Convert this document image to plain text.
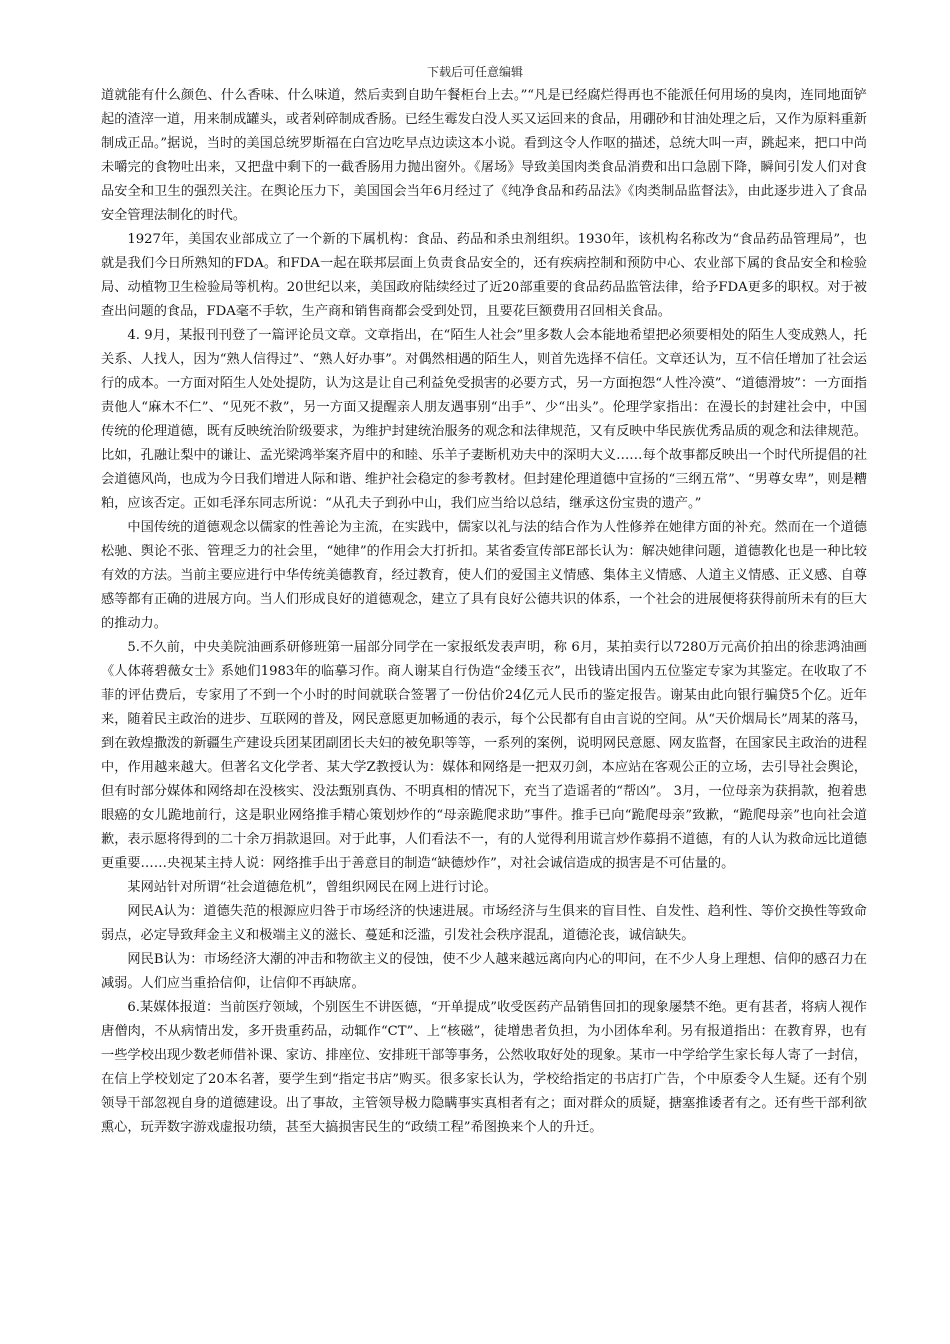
下载后可任意编辑

道就能有什么颜色、什么香味、什么味道，然后卖到自助午餐柜台上去。”“凡是已经腐烂得再也不能派任何用场的臭肉，连同地面铲起的渣滓一道，用来制成罐头，或者剁碎制成香肠。已经生霉发白没人买又运回来的食品，用硼砂和甘油处理之后，又作为原料重新制成正品。”据说，当时的美国总统罗斯福在白宫边吃早点边读这本小说。看到这令人作呕的描述，总统大叫一声，跳起来，把口中尚未嚼完的食物吐出来，又把盘中剩下的一截香肠用力抛出窗外。《屠场》导致美国肉类食品消费和出口急剧下降，瞬间引发人们对食品安全和卫生的强烈关注。在舆论压力下，美国国会当年6月经过了《纯净食品和药品法》《肉类制品监督法》，由此逐步进入了食品安全管理法制化的时代。

1927年，美国农业部成立了一个新的下属机构：食品、药品和杀虫剂组织。1930年，该机构名称改为“食品药品管理局”，也就是我们今日所熟知的FDA。和FDA一起在联邦层面上负责食品安全的，还有疾病控制和预防中心、农业部下属的食品安全和检验局、动植物卫生检验局等机构。20世纪以来，美国政府陆续经过了近20部重要的食品药品监管法律，给予FDA更多的职权。对于被查出问题的食品，FDA毫不手软，生产商和销售商都会受到处罚，且要花巨额费用召回相关食品。

4. 9月，某报刊刊登了一篇评论员文章。文章指出，在“陌生人社会”里多数人会本能地希望把必须要相处的陌生人变成熟人，托关系、人找人，因为“熟人信得过”、“熟人好办事”。对偶然相遇的陌生人，则首先选择不信任。文章还认为，互不信任增加了社会运行的成本。一方面对陌生人处处提防，认为这是让自己利益免受损害的必要方式，另一方面抱怨“人性冷漠”、“道德滑坡”：一方面指责他人“麻木不仁”、“见死不救”，另一方面又提醒亲人朋友遇事别“出手”、少“出头”。伦理学家指出：在漫长的封建社会中，中国传统的伦理道德，既有反映统治阶级要求，为维护封建统治服务的观念和法律规范，又有反映中华民族优秀品质的观念和法律规范。比如，孔融让梨中的谦让、孟光梁鸿举案齐眉中的和睦、乐羊子妻断机劝夫中的深明大义……每个故事都反映出一个时代所提倡的社会道德风尚，也成为今日我们增进人际和谐、维护社会稳定的参考教材。但封建伦理道德中宣扬的“三纲五常”、“男尊女卑”，则是糟粕，应该否定。正如毛泽东同志所说：“从孔夫子到孙中山，我们应当给以总结，继承这份宝贵的遗产。”

中国传统的道德观念以儒家的性善论为主流，在实践中，儒家以礼与法的结合作为人性修养在她律方面的补充。然而在一个道德松驰、舆论不张、管理乏力的社会里，“她律”的作用会大打折扣。某省委宣传部E部长认为：解决她律问题，道德教化也是一种比较有效的方法。当前主要应进行中华传统美德教育，经过教育，使人们的爱国主义情感、集体主义情感、人道主义情感、正义感、自尊感等都有正确的进展方向。当人们形成良好的道德观念，建立了具有良好公德共识的体系，一个社会的进展便将获得前所未有的巨大的推动力。

5.不久前，中央美院油画系研修班第一届部分同学在一家报纸发表声明，称 6月，某拍卖行以7280万元高价拍出的徐悲鸿油画《人体蒋碧薇女士》系她们1983年的临摹习作。商人谢某自行伪造“金缕玉衣”，出钱请出国内五位鉴定专家为其鉴定。在收取了不菲的评估费后，专家用了不到一个小时的时间就联合签署了一份估价24亿元人民币的鉴定报告。谢某由此向银行骗贷5个亿。近年来，随着民主政治的进步、互联网的普及，网民意愿更加畅通的表示，每个公民都有自由言说的空间。从“天价烟局长”周某的落马，到在敦煌撒泼的新疆生产建设兵团某团副团长夫妇的被免职等等，一系列的案例，说明网民意愿、网友监督，在国家民主政治的进程中，作用越来越大。但著名文化学者、某大学Z教授认为：媒体和网络是一把双刃剑，本应站在客观公正的立场，去引导社会舆论，但有时部分媒体和网络却在没核实、没法甄别真伪、不明真相的情况下，充当了造谣者的“帮凶”。 3月，一位母亲为获捐款，抱着患眼癌的女儿跪地前行，这是职业网络推手精心策划炒作的“母亲跪爬求助”事件。推手已向“跪爬母亲”致歉，“跪爬母亲”也向社会道歉，表示愿将得到的二十余万捐款退回。对于此事，人们看法不一，有的人觉得利用谎言炒作募捐不道德，有的人认为救命远比道德更重要……央视某主持人说：网络推手出于善意目的制造“缺德炒作”，对社会诚信造成的损害是不可估量的。

某网站针对所谓“社会道德危机”，曾组织网民在网上进行讨论。

网民A认为：道德失范的根源应归咎于市场经济的快速进展。市场经济与生俱来的盲目性、自发性、趋利性、等价交换性等致命弱点，必定导致拜金主义和极端主义的滋长、蔓延和泛滥，引发社会秩序混乱，道德沦丧，诚信缺失。

网民B认为：市场经济大潮的冲击和物欲主义的侵蚀，使不少人越来越远离向内心的叩问，在不少人身上理想、信仰的感召力在减弱。人们应当重拾信仰，让信仰不再缺席。

6.某媒体报道：当前医疗领域，个别医生不讲医德，“开单提成”收受医药产品销售回扣的现象屡禁不绝。更有甚者，将病人视作唐僧肉，不从病情出发，多开贵重药品，动辄作“CT”、上“核磁”，徒增患者负担，为小团体牟利。另有报道指出：在教育界，也有一些学校出现少数老师借补课、家访、排座位、安排班干部等事务，公然收取好处的现象。某市一中学给学生家长每人寄了一封信，在信上学校划定了20本名著，要学生到“指定书店”购买。很多家长认为，学校给指定的书店打广告，个中原委令人生疑。还有个别领导干部忽视自身的道德建设。出了事故，主管领导极力隐瞒事实真相者有之；面对群众的质疑，搪塞推诿者有之。还有些干部利欲熏心，玩弄数字游戏虚报功绩，甚至大搞损害民生的“政绩工程”希图换来个人的升迁。
